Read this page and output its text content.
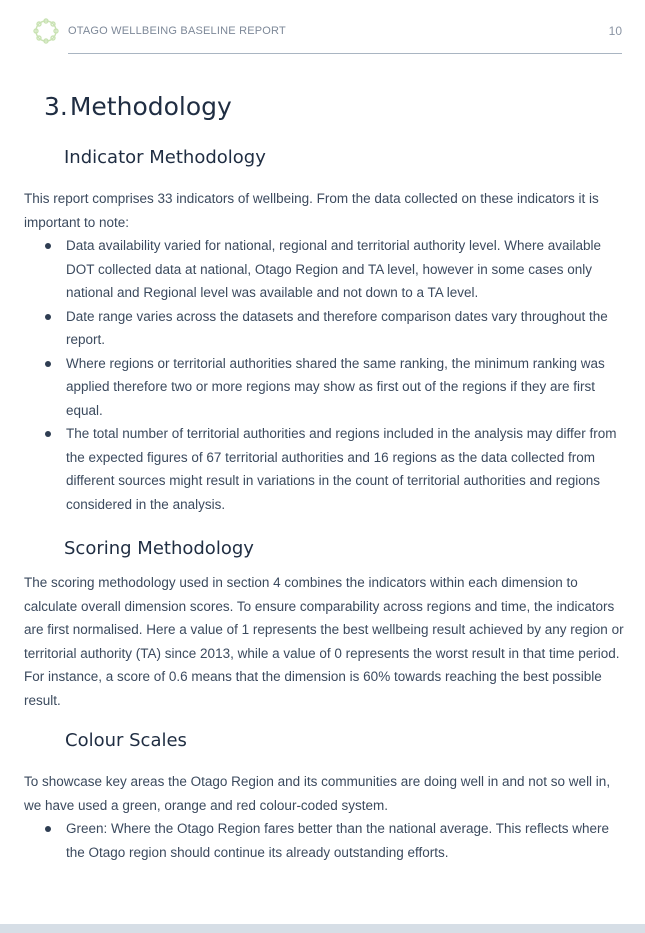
OTAGO WELLBEING BASELINE REPORT	10
3.Methodology
Indicator Methodology

This report comprises 33 indicators of wellbeing. From the data collected on these indicators it is important to note:

Data availability varied for national, regional and territorial authority level. Where available DOT collected data at national, Otago Region and TA level, however in some cases only national and Regional level was available and not down to a TA level.
Date range varies across the datasets and therefore comparison dates vary throughout the report.
Where regions or territorial authorities shared the same ranking, the minimum ranking was applied therefore two or more regions may show as first out of the regions if they are first equal.
The total number of territorial authorities and regions included in the analysis may differ from the expected figures of 67 territorial authorities and 16 regions as the data collected from different sources might result in variations in the count of territorial authorities and regions considered in the analysis.
Scoring Methodology

The scoring methodology used in section 4 combines the indicators within each dimension to calculate overall dimension scores. To ensure comparability across regions and time, the indicators are first normalised. Here a value of 1 represents the best wellbeing result achieved by any region or territorial authority (TA) since 2013, while a value of 0 represents the worst result in that time period. For instance, a score of 0.6 means that the dimension is 60% towards reaching the best possible result.

Colour Scales

To showcase key areas the Otago Region and its communities are doing well in and not so well in, we have used a green, orange and red colour-coded system.

Green: Where the Otago Region fares better than the national average. This reflects where the Otago region should continue its already outstanding efforts.
